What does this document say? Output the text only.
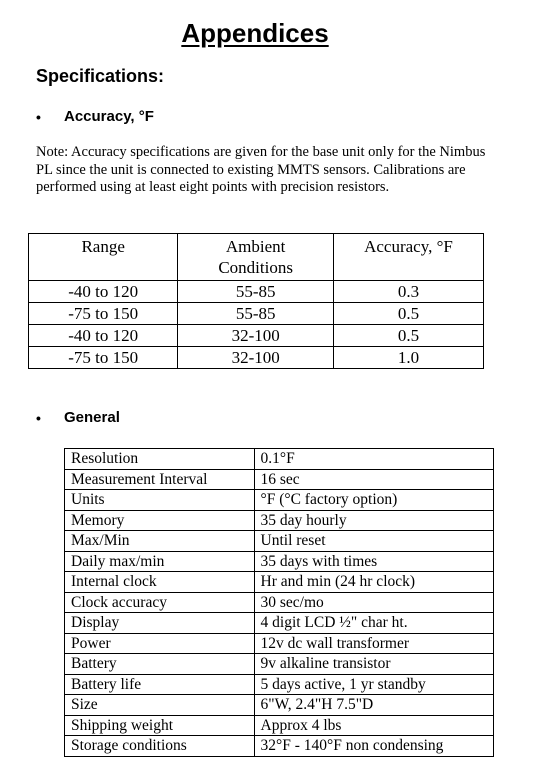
Appendices
Specifications:
•	Accuracy, °F
Note: Accuracy specifications are given for the base unit only for the Nimbus PL since the unit is connected to existing MMTS sensors. Calibrations are performed using at least eight points with precision resistors.
Range	Ambient Conditions	Accuracy, °F
-40 to 120	55-85	0.3
-75 to 150	55-85	0.5
-40 to 120	32-100	0.5
-75 to 150	32-100	1.0
•	General
Resolution	0.1°F
Measurement Interval	16 sec
Units	°F (°C factory option)
Memory	35 day hourly
Max/Min	Until reset
Daily max/min	35 days with times
Internal clock	Hr and min (24 hr clock)
Clock accuracy	30 sec/mo
Display	4 digit LCD ½" char ht.
Power	12v dc wall transformer
Battery	9v alkaline transistor
Battery life	5 days active, 1 yr standby
Size	6"W, 2.4"H 7.5"D
Shipping weight	Approx 4 lbs
Storage conditions	32°F - 140°F non condensing
